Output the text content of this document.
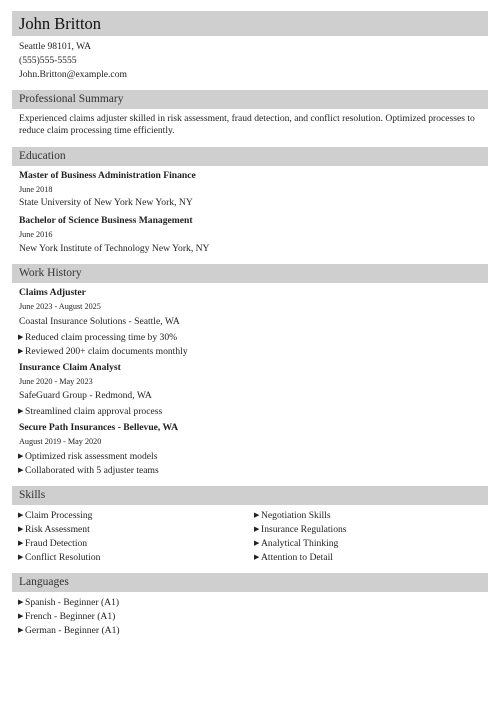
John Britton
Seattle 98101, WA
(555)555-5555
John.Britton@example.com
Professional Summary
Experienced claims adjuster skilled in risk assessment, fraud detection, and conflict resolution. Optimized processes to reduce claim processing time efficiently.
Education
Master of Business Administration Finance
June 2018
State University of New York New York, NY
Bachelor of Science Business Management
June 2016
New York Institute of Technology New York, NY
Work History
Claims Adjuster
June 2023 - August 2025
Coastal Insurance Solutions - Seattle, WA
▶ Reduced claim processing time by 30%
▶ Reviewed 200+ claim documents monthly
Insurance Claim Analyst
June 2020 - May 2023
SafeGuard Group - Redmond, WA
▶ Streamlined claim approval process
Secure Path Insurances - Bellevue, WA
August 2019 - May 2020
▶ Optimized risk assessment models
▶ Collaborated with 5 adjuster teams
Skills
▶ Claim Processing
▶ Risk Assessment
▶ Fraud Detection
▶ Conflict Resolution
▶ Negotiation Skills
▶ Insurance Regulations
▶ Analytical Thinking
▶ Attention to Detail
Languages
▶ Spanish - Beginner (A1)
▶ French - Beginner (A1)
▶ German - Beginner (A1)
